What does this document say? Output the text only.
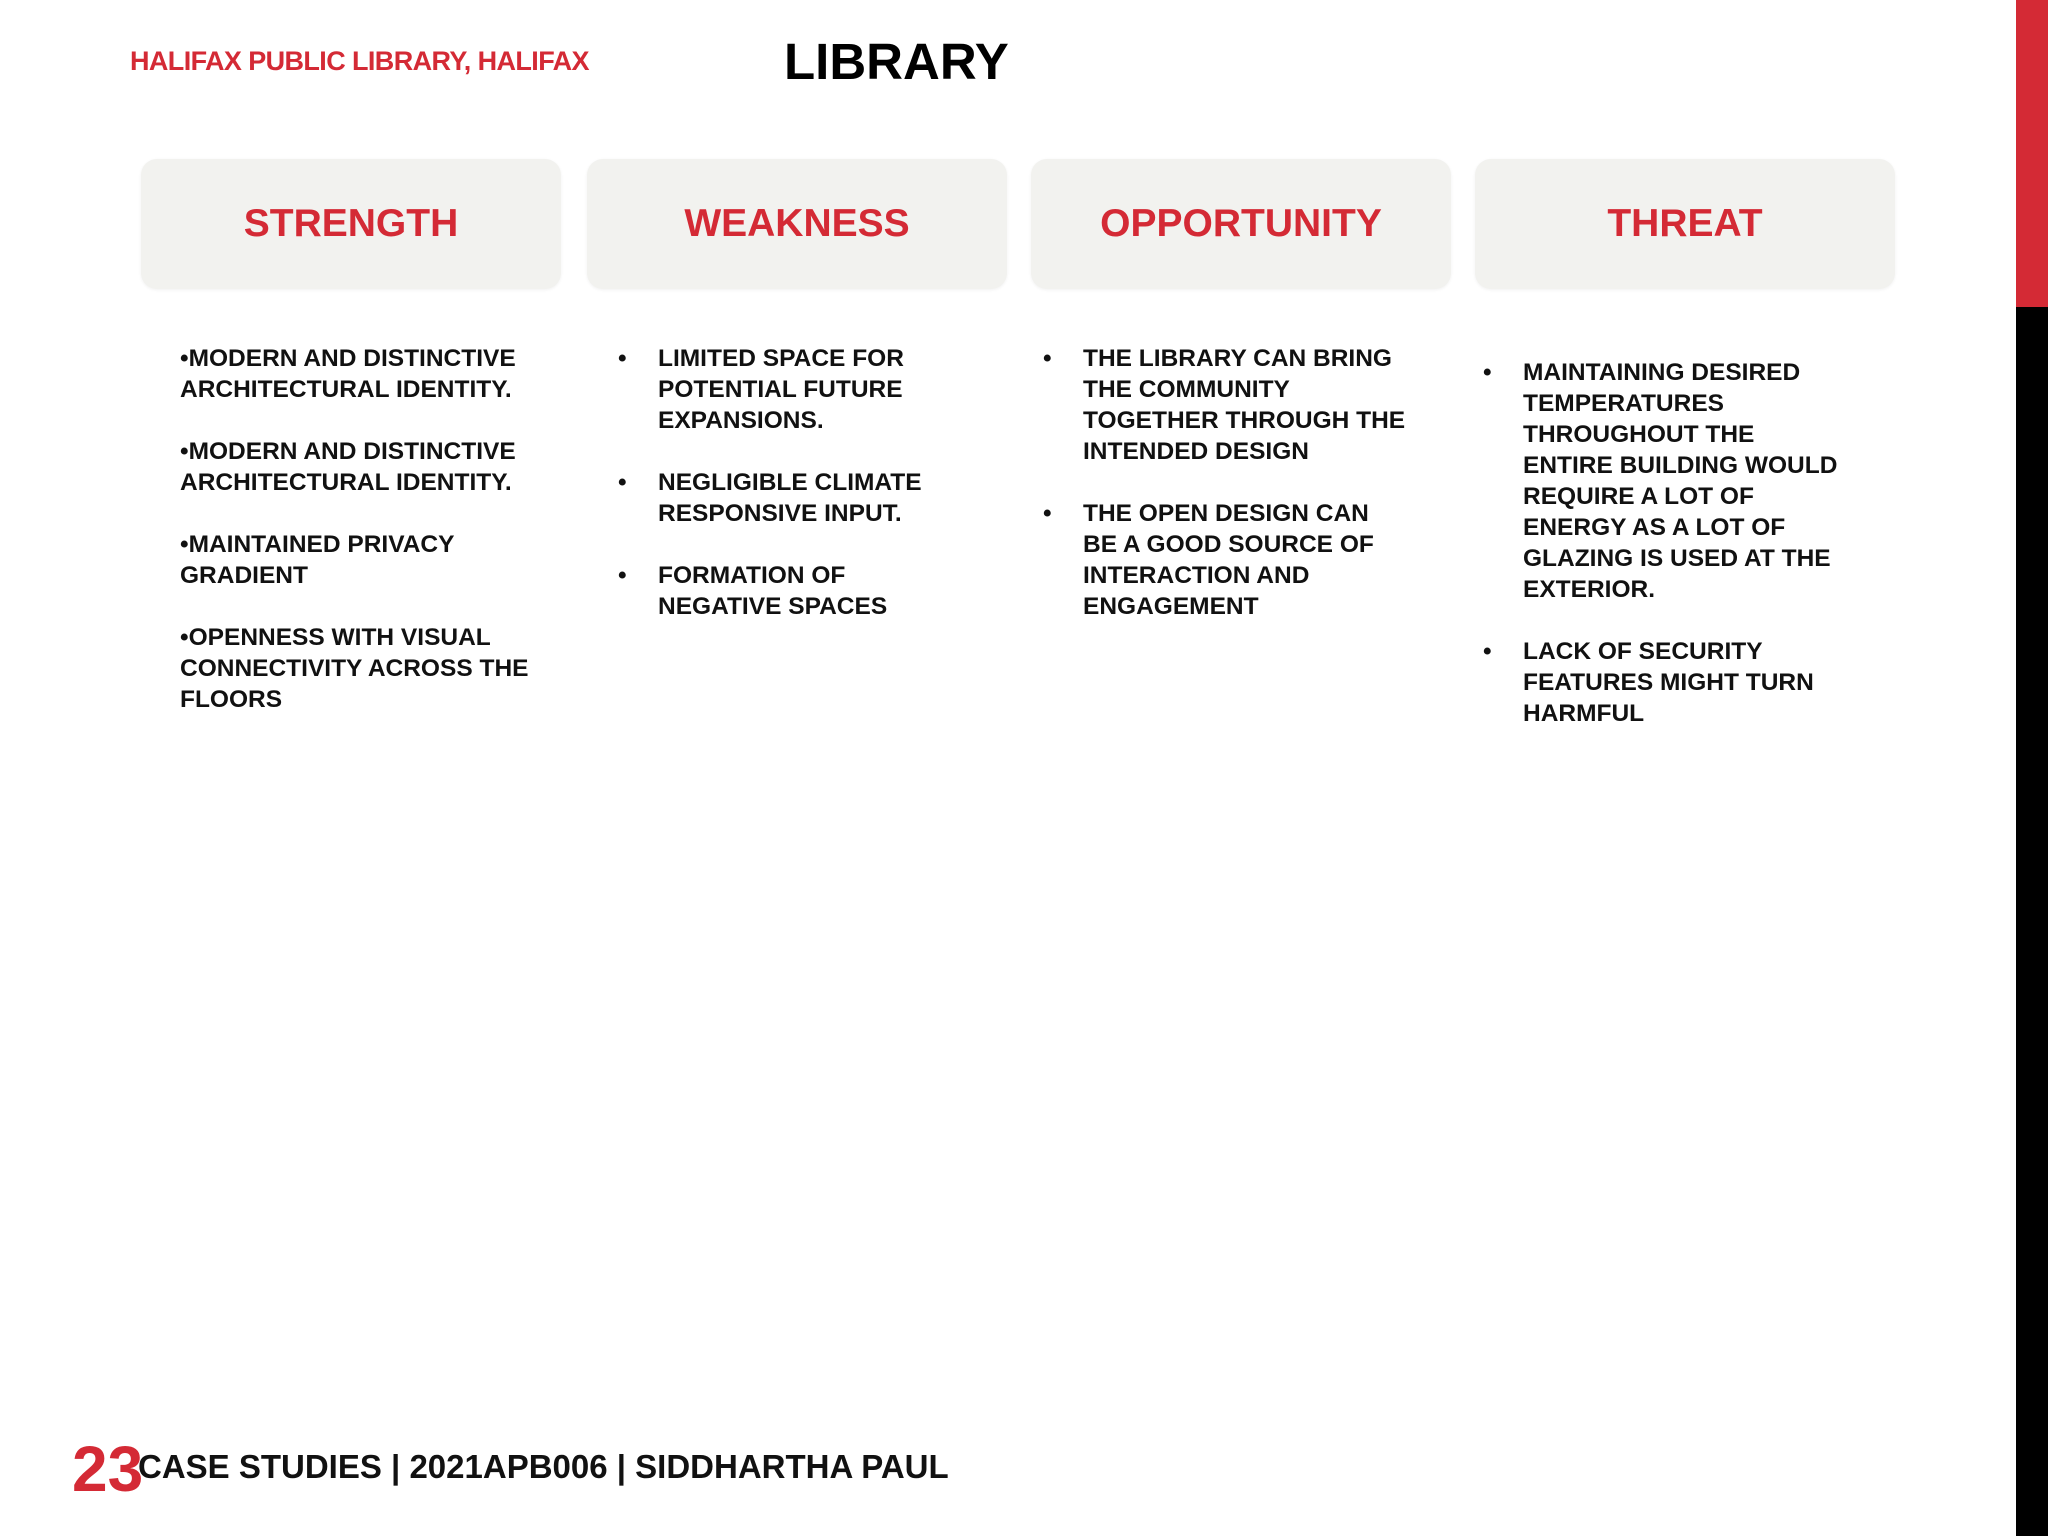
HALIFAX PUBLIC LIBRARY, HALIFAX	LIBRARY
STRENGTH	WEAKNESS	OPPORTUNITY	THREAT
•MODERN AND DISTINCTIVE ARCHITECTURAL IDENTITY.
•MODERN AND DISTINCTIVE ARCHITECTURAL IDENTITY.
•MAINTAINED PRIVACY GRADIENT
•OPENNESS WITH VISUAL CONNECTIVITY ACROSS THE FLOORS
• LIMITED SPACE FOR POTENTIAL FUTURE EXPANSIONS.
• NEGLIGIBLE CLIMATE RESPONSIVE INPUT.
• FORMATION OF NEGATIVE SPACES
• THE LIBRARY CAN BRING THE COMMUNITY TOGETHER THROUGH THE INTENDED DESIGN
• THE OPEN DESIGN CAN BE A GOOD SOURCE OF INTERACTION AND ENGAGEMENT
• MAINTAINING DESIRED TEMPERATURES THROUGHOUT THE ENTIRE BUILDING WOULD REQUIRE A LOT OF ENERGY AS A LOT OF GLAZING IS USED AT THE EXTERIOR.
• LACK OF SECURITY FEATURES MIGHT TURN HARMFUL
23
CASE STUDIES | 2021APB006 | SIDDHARTHA PAUL
